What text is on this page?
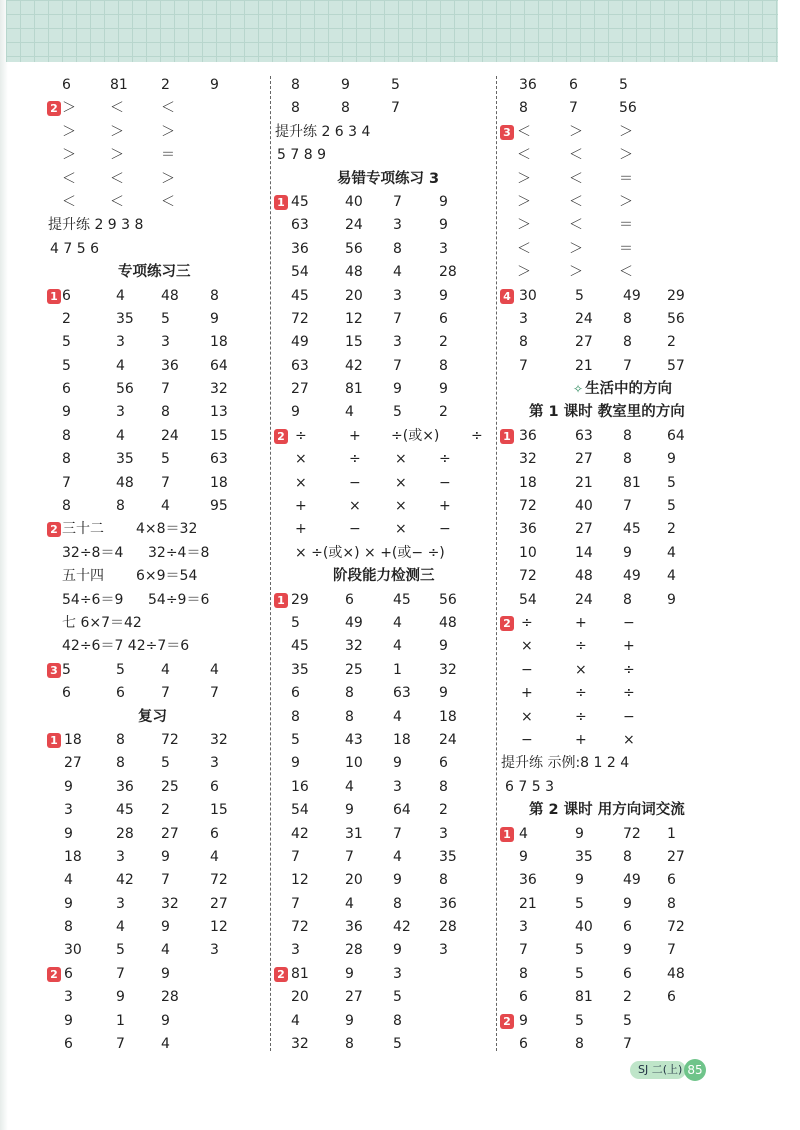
6	81 2	9
2 ＞ ＜	＜
＞ ＞	＞
＞ ＞	＝
＜ ＜	＞
＜ ＜	＜
提升练 2 9 3 8
4 7 5 6
专项练习三
1 6	4	48 8
2	35 5	9
5	3	3	18
5	4	36 64
6	56 7	32
9	3	8	13
8	4	24 15
8	35 5	63
7	48 7	18
8	8	4	95
2 三十二 4×8＝32
32÷8＝4 32÷4＝8
五十四 6×9＝54
54÷6＝9 54÷9＝6
七 6×7＝42
42÷6＝7 42÷7＝6
3 5	5	4	4
6	6	7	7
复习
1 18 8	72 32
27 8	5	3
9	36 25 6
3	45 2	15
9	28 27 6
18 3	9	4
4	42 7	72
9	3	32 27
8	4	9	12
30 5	4	3
2 6	7	9
3	9	28
9	1	9
6	7	4
8	9	5
8	8	7
提升练 2 6 3 4
5 7 8 9
易错专项练习 3
1 45	40 7	9
63	24 3	9
36	56 8	3
54	48 4	28
45	20 3	9
72	12 7	6
49	15 3	2
63	42 7	8
27	81 9	9
9	4	5	2
2 ÷	+ ÷(或×) ÷
×	÷ × ÷
×	− × −
+	× × +
+	− × −
× ÷(或×) × +(或− ÷)
阶段能力检测三
1 29	6	45 56
5	49 4	48
45	32 4	9
35	25 1	32
6	8	63 9
8	8	4	18
5	43 18 24
9	10 9	6
16	4	3	8
54	9	64 2
42	31 7	3
7	7	4	35
12	20 9	8
7	4	8	36
72	36 42 28
3	28 9	3
2 81	9	3
20	27 5
4	9	8
32	8	5
36 6	5
8	7	56
3 ＜	＞	＞
＜	＜	＞
＞	＜	＝
＞	＜	＞
＞	＜	＝
＜	＞	＝
＞	＞	＜
4 30	5	49 29
3	24 8	56
8	27 8	2
7	21 7	57
✧ 生活中的方向
第 1 课时 教室里的方向
1 36	63 8	64
32	27 8	9
18	21 81 5
72	40 7	5
36	27 45 2
10	14 9	4
72	48 49 4
54	24 8	9
2 ÷	+	−
×	÷	+
−	×	÷
+	÷	÷
×	÷	−
−	+	×
提升练 示例:8 1 2 4
6 7 5 3
第 2 课时 用方向词交流
1 4	9	72 1
9	35 8	27
36	9	49 6
21	5	9	8
3	40 6	72
7	5	9	7
8	5	6	48
6	81 2	6
2 9	5	5
6	8	7
SJ 二(上) 85
